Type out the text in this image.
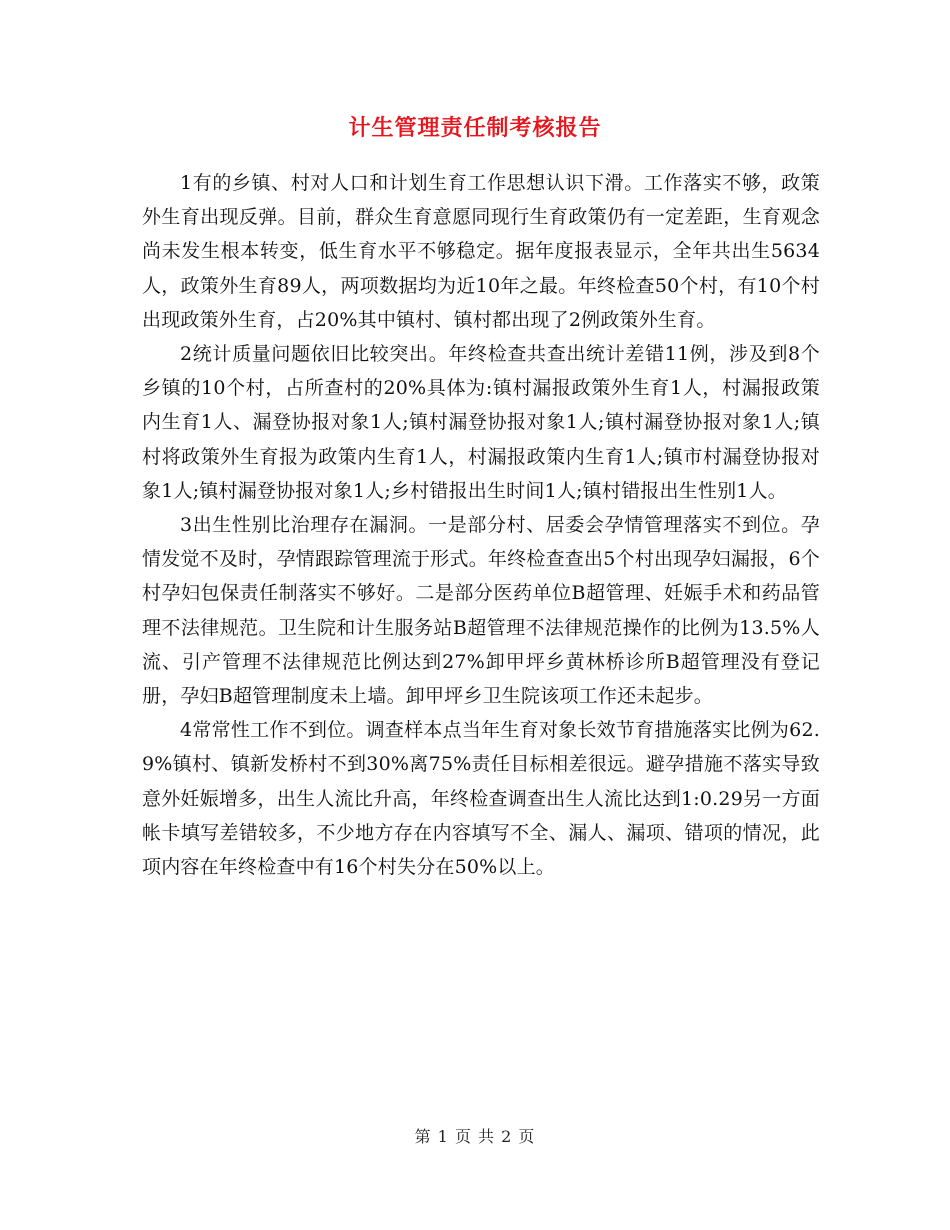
计生管理责任制考核报告

1有的乡镇、村对人口和计划生育工作思想认识下滑。工作落实不够，政策外生育出现反弹。目前，群众生育意愿同现行生育政策仍有一定差距，生育观念尚未发生根本转变，低生育水平不够稳定。据年度报表显示，全年共出生5634人，政策外生育89人，两项数据均为近10年之最。年终检查50个村，有10个村出现政策外生育，占20%其中镇村、镇村都出现了2例政策外生育。

2统计质量问题依旧比较突出。年终检查共查出统计差错11例，涉及到8个乡镇的10个村，占所查村的20%具体为:镇村漏报政策外生育1人，村漏报政策内生育1人、漏登协报对象1人;镇村漏登协报对象1人;镇村漏登协报对象1人;镇村将政策外生育报为政策内生育1人，村漏报政策内生育1人;镇市村漏登协报对象1人;镇村漏登协报对象1人;乡村错报出生时间1人;镇村错报出生性别1人。

3出生性别比治理存在漏洞。一是部分村、居委会孕情管理落实不到位。孕情发觉不及时，孕情跟踪管理流于形式。年终检查查出5个村出现孕妇漏报，6个村孕妇包保责任制落实不够好。二是部分医药单位B超管理、妊娠手术和药品管理不法律规范。卫生院和计生服务站B超管理不法律规范操作的比例为13.5%人流、引产管理不法律规范比例达到27%卸甲坪乡黄林桥诊所B超管理没有登记册，孕妇B超管理制度未上墙。卸甲坪乡卫生院该项工作还未起步。

4常常性工作不到位。调查样本点当年生育对象长效节育措施落实比例为62.9%镇村、镇新发桥村不到30%离75%责任目标相差很远。避孕措施不落实导致意外妊娠增多，出生人流比升高，年终检查调查出生人流比达到1:0.29另一方面帐卡填写差错较多，不少地方存在内容填写不全、漏人、漏项、错项的情况，此项内容在年终检查中有16个村失分在50%以上。

第 1 页 共 2 页
